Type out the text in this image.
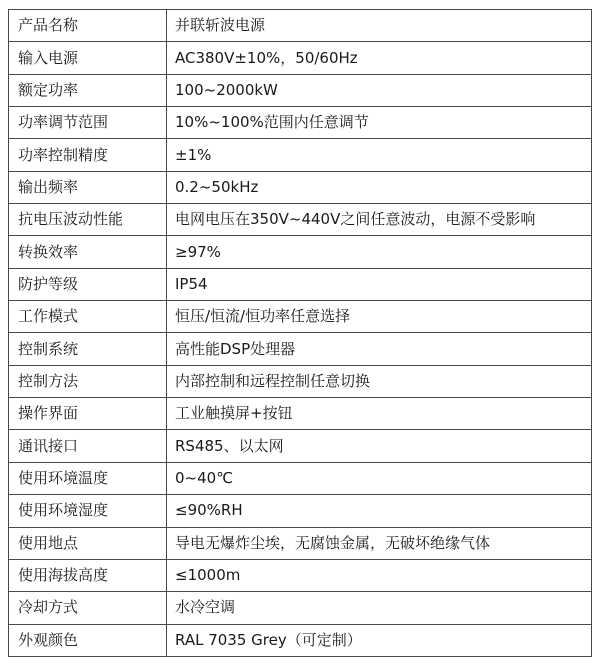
产品名称	并联斩波电源
输入电源	AC380V±10%，50/60Hz
额定功率	100~2000kW
功率调节范围	10%~100%范围内任意调节
功率控制精度	±1%
输出频率	0.2~50kHz
抗电压波动性能	电网电压在350V~440V之间任意波动，电源不受影响
转换效率	≥97%
防护等级	IP54
工作模式	恒压/恒流/恒功率任意选择
控制系统	高性能DSP处理器
控制方法	内部控制和远程控制任意切换
操作界面	工业触摸屏+按钮
通讯接口	RS485、以太网
使用环境温度	0~40℃
使用环境湿度	≤90%RH
使用地点	导电无爆炸尘埃，无腐蚀金属，无破坏绝缘气体
使用海拔高度	≤1000m
冷却方式	水冷空调
外观颜色	RAL 7035 Grey（可定制）
